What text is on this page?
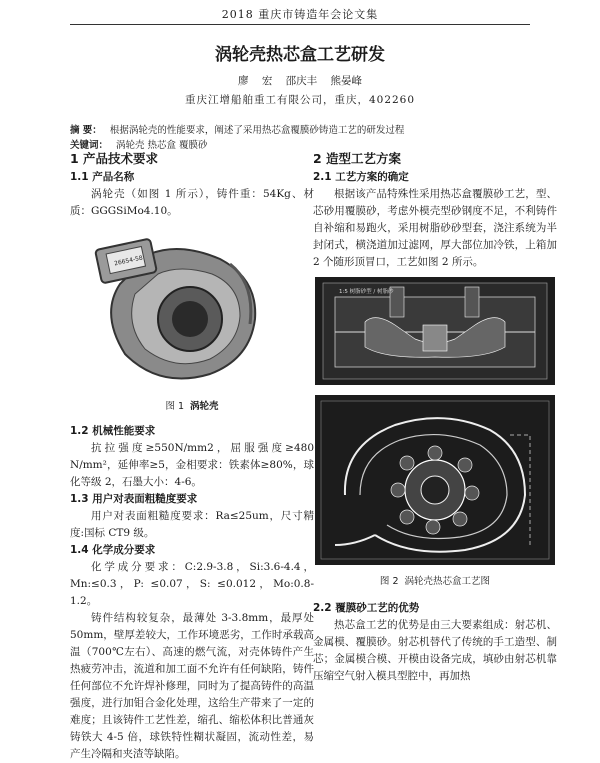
2018 重庆市铸造年会论文集
涡轮壳热芯盒工艺研发
廖 宏 邵庆丰 熊晏峰
重庆江增船舶重工有限公司，重庆，402260
摘 要： 根据涡轮壳的性能要求，阐述了采用热芯盒覆膜砂铸造工艺的研发过程
关键词： 涡轮壳 热芯盒 覆膜砂
1 产品技术要求
1.1 产品名称

涡轮壳（如图 1 所示），铸件重：54Kg、材质：GGGSiMo4.10。

26654-58
图 1 涡轮壳
1.2 机械性能要求

抗拉强度≥550N/mm2，屈服强度≥480 N/mm²，延伸率≥5，金相要求：铁素体≥80%，球化等级 2，石墨大小：4-6。

1.3 用户对表面粗糙度要求

用户对表面粗糙度要求：Ra≤25um，尺寸精度:国标 CT9 级。

1.4 化学成分要求

化学成分要求：C:2.9-3.8，Si:3.6-4.4，Mn:≤0.3，P: ≤0.07，S: ≤0.012，Mo:0.8-1.2。

铸件结构较复杂，最薄处 3-3.8mm，最厚处 50mm，壁厚差较大，工作环境恶劣，工作时承载高温（700℃左右）、高速的燃气流，对壳体铸件产生热疲劳冲击，流道和加工面不允许有任何缺陷，铸件任何部位不允许焊补修理，同时为了提高铸件的高温强度，进行加钼合金化处理，这给生产带来了一定的难度；且该铸件工艺性差，缩孔、缩松体积比普通灰铸铁大 4-5 倍，球铁特性糊状凝固，流动性差，易产生冷隔和夹渣等缺陷。

2 造型工艺方案
2.1 工艺方案的确定

根据该产品特殊性采用热芯盒覆膜砂工艺，型、芯砂用覆膜砂，考虑外模壳型砂钢度不足，不利铸件自补缩和易跑火，采用树脂砂砂型套，浇注系统为半封闭式，横浇道加过滤网，厚大部位加冷铁，上箱加 2 个随形顶冒口，工艺如图 2 所示。

1:5 树脂砂型 / 树脂砂
图 2 涡轮壳热芯盒工艺图
2.2 覆膜砂工艺的优势

热芯盒工艺的优势是由三大要素组成：射芯机、金属模、覆膜砂。射芯机替代了传统的手工造型、制芯；金属模合模、开模由设备完成，填砂由射芯机靠压缩空气射入模具型腔中，再加热
